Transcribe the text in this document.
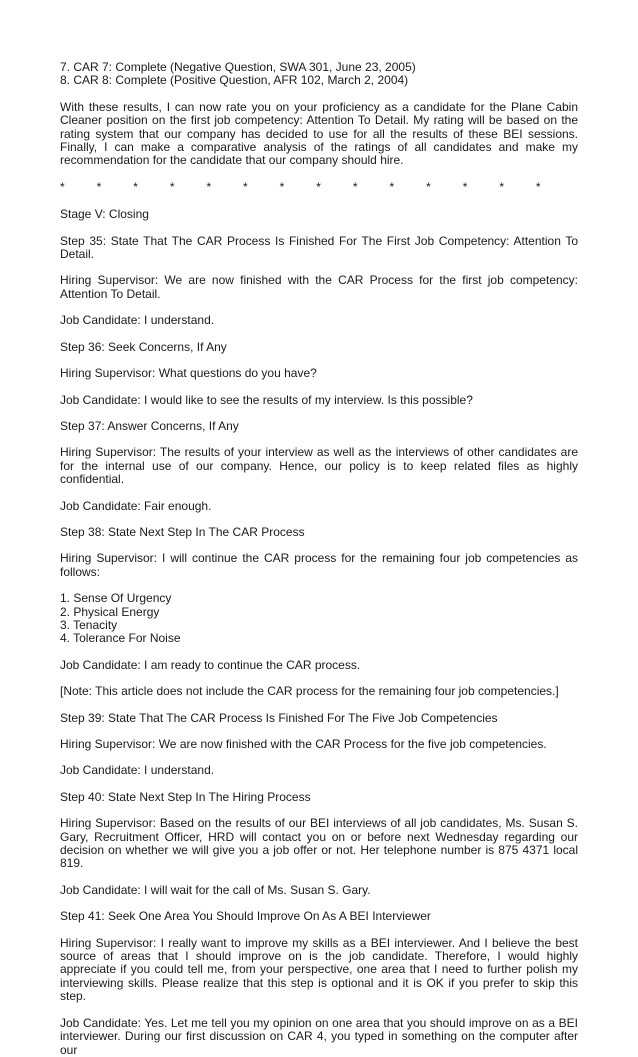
7. CAR 7: Complete (Negative Question, SWA 301, June 23, 2005)

8. CAR 8: Complete (Positive Question, AFR 102, March 2, 2004)

With these results, I can now rate you on your proficiency as a candidate for the Plane Cabin Cleaner position on the first job competency: Attention To Detail. My rating will be based on the rating system that our company has decided to use for all the results of these BEI sessions. Finally, I can make a comparative analysis of the ratings of all candidates and make my recommendation for the candidate that our company should hire.

*	*	*	*	*	*	*	*	*	*	*	*	*	*

Stage V: Closing

Step 35: State That The CAR Process Is Finished For The First Job Competency: Attention To Detail.

Hiring Supervisor: We are now finished with the CAR Process for the first job competency: Attention To Detail.

Job Candidate: I understand.

Step 36: Seek Concerns, If Any

Hiring Supervisor: What questions do you have?

Job Candidate: I would like to see the results of my interview. Is this possible?

Step 37: Answer Concerns, If Any

Hiring Supervisor: The results of your interview as well as the interviews of other candidates are for the internal use of our company. Hence, our policy is to keep related files as highly confidential.

Job Candidate: Fair enough.

Step 38: State Next Step In The CAR Process

Hiring Supervisor: I will continue the CAR process for the remaining four job competencies as follows:

1. Sense Of Urgency

2. Physical Energy

3. Tenacity

4. Tolerance For Noise

Job Candidate: I am ready to continue the CAR process.

[Note: This article does not include the CAR process for the remaining four job competencies.]

Step 39: State That The CAR Process Is Finished For The Five Job Competencies

Hiring Supervisor: We are now finished with the CAR Process for the five job competencies.

Job Candidate: I understand.

Step 40: State Next Step In The Hiring Process

Hiring Supervisor: Based on the results of our BEI interviews of all job candidates, Ms. Susan S. Gary, Recruitment Officer, HRD will contact you on or before next Wednesday regarding our decision on whether we will give you a job offer or not. Her telephone number is 875 4371 local 819.

Job Candidate: I will wait for the call of Ms. Susan S. Gary.

Step 41: Seek One Area You Should Improve On As A BEI Interviewer

Hiring Supervisor: I really want to improve my skills as a BEI interviewer. And I believe the best source of areas that I should improve on is the job candidate. Therefore, I would highly appreciate if you could tell me, from your perspective, one area that I need to further polish my interviewing skills. Please realize that this step is optional and it is OK if you prefer to skip this step.

Job Candidate: Yes. Let me tell you my opinion on one area that you should improve on as a BEI interviewer. During our first discussion on CAR 4, you typed in something on the computer after our
